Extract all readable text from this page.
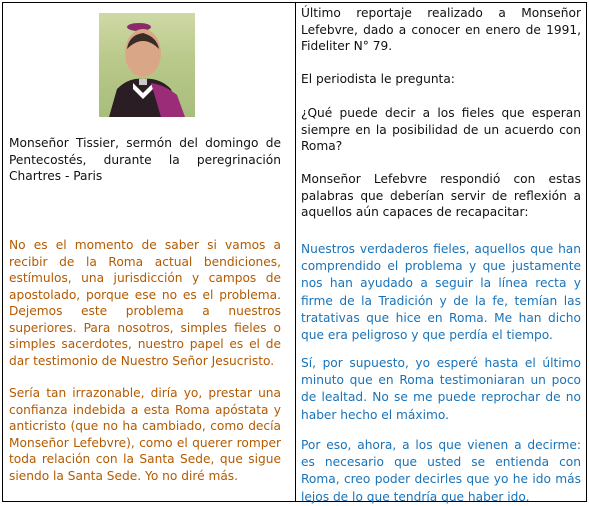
Monseñor Tissier, sermón del domingo de Pentecostés, durante la peregrinación Chartres - Paris

No es el momento de saber si vamos a recibir de la Roma actual bendiciones, estímulos, una jurisdicción y campos de apostolado, porque ese no es el problema. Dejemos este problema a nuestros superiores. Para nosotros, simples fieles o simples sacerdotes, nuestro papel es el de dar testimonio de Nuestro Señor Jesucristo.

Sería tan irrazonable, diría yo, prestar una confianza indebida a esta Roma apóstata y anticristo (que no ha cambiado, como decía Monseñor Lefebvre), como el querer romper toda relación con la Santa Sede, que sigue siendo la Santa Sede. Yo no diré más.

Último reportaje realizado a Monseñor Lefebvre, dado a conocer en enero de 1991, Fideliter N° 79.

El periodista le pregunta:

¿Qué puede decir a los fieles que esperan siempre en la posibilidad de un acuerdo con Roma?

Monseñor Lefebvre respondió con estas palabras que deberían servir de reflexión a aquellos aún capaces de recapacitar:

Nuestros verdaderos fieles, aquellos que han comprendido el problema y que justamente nos han ayudado a seguir la línea recta y firme de la Tradición y de la fe, temían las tratativas que hice en Roma. Me han dicho que era peligroso y que perdía el tiempo.

Sí, por supuesto, yo esperé hasta el último minuto que en Roma testimoniaran un poco de lealtad. No se me puede reprochar de no haber hecho el máximo.

Por eso, ahora, a los que vienen a decirme: es necesario que usted se entienda con Roma, creo poder decirles que yo he ido más lejos de lo que tendría que haber ido.
